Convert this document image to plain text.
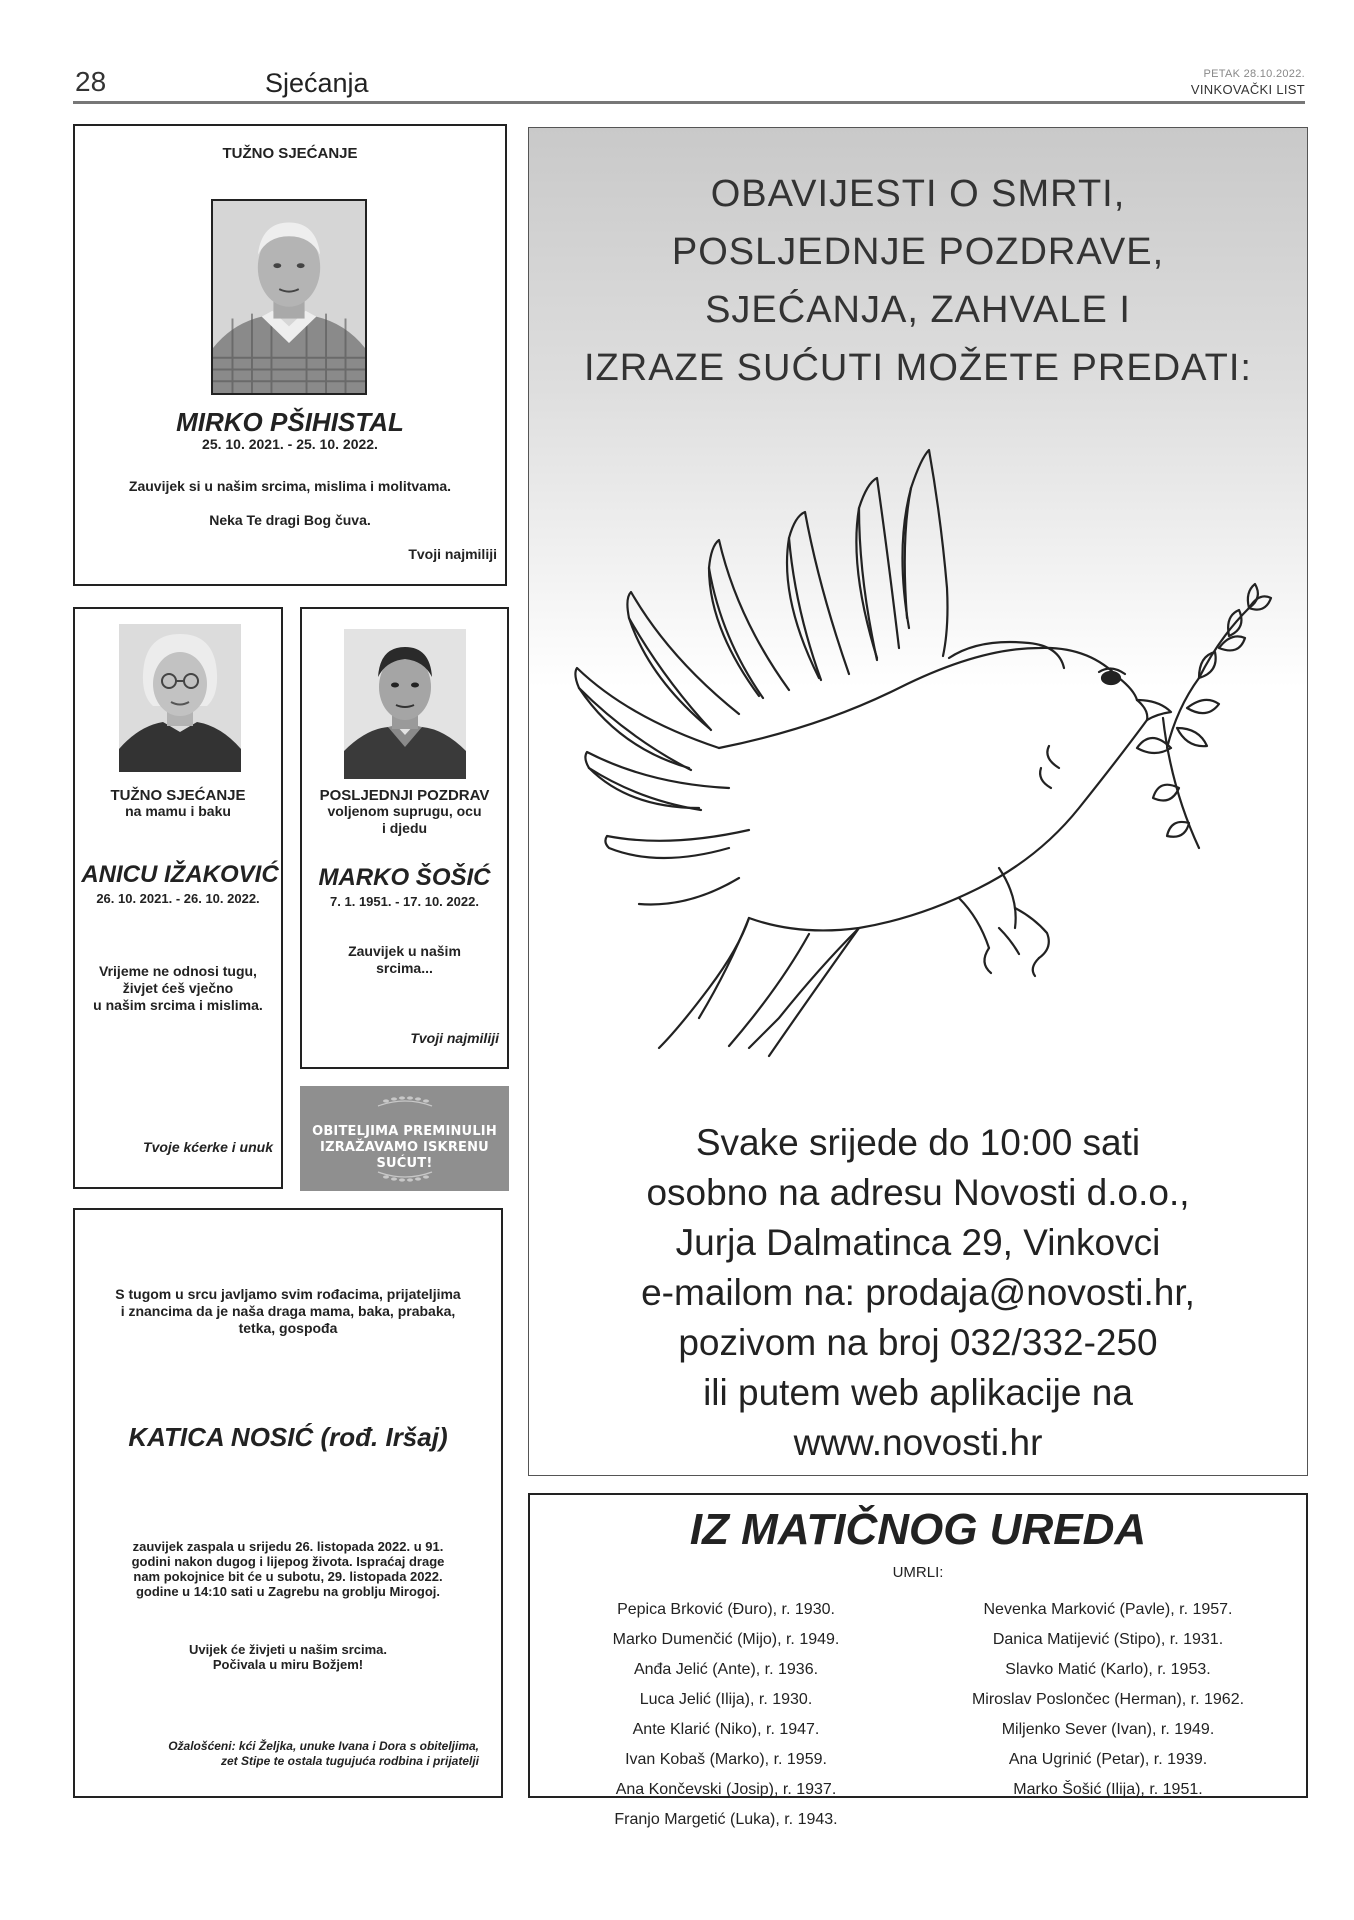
28	Sjećanja	PETAK 28.10.2022.
VINKOVAČKI LIST
TUŽNO SJEĆANJE
MIRKO PŠIHISTAL
25. 10. 2021. - 25. 10. 2022.
Zauvijek si u našim srcima, mislima i molitvama.
Neka Te dragi Bog čuva.
Tvoji najmiliji
TUŽNO SJEĆANJE
na mamu i baku
ANICU IŽAKOVIĆ
26. 10. 2021. - 26. 10. 2022.
Vrijeme ne odnosi tugu,
živjet ćeš vječno
u našim srcima i mislima.
Tvoje kćerke i unuk
POSLJEDNJI POZDRAV
voljenom suprugu, ocu
i djedu
MARKO ŠOŠIĆ
7. 1. 1951. - 17. 10. 2022.
Zauvijek u našim
srcima...
Tvoji najmiliji
OBITELJIMA PREMINULIH
IZRAŽAVAMO ISKRENU SUĆUT!
S tugom u srcu javljamo svim rođacima, prijateljima
i znancima da je naša draga mama, baka, prabaka,
tetka, gospođa
KATICA NOSIĆ (rođ. Iršaj)
zauvijek zaspala u srijedu 26. listopada 2022. u 91.
godini nakon dugog i lijepog života. Ispraćaj drage
nam pokojnice bit će u subotu, 29. listopada 2022.
godine u 14:10 sati u Zagrebu na groblju Mirogoj.
Uvijek će živjeti u našim srcima.
Počivala u miru Božjem!
Ožalošćeni: kći Željka, unuke Ivana i Dora s obiteljima,
zet Stipe te ostala tugujuća rodbina i prijatelji
OBAVIJESTI O SMRTI,
POSLJEDNJE POZDRAVE,
SJEĆANJA, ZAHVALE I
IZRAZE SUĆUTI MOŽETE PREDATI:
Svake srijede do 10:00 sati
osobno na adresu Novosti d.o.o.,
Jurja Dalmatinca 29, Vinkovci
e-mailom na: prodaja@novosti.hr,
pozivom na broj 032/332-250
ili putem web aplikacije na
www.novosti.hr
IZ MATIČNOG UREDA
UMRLI:
Pepica Brković (Đuro), r. 1930.
Marko Dumenčić (Mijo), r. 1949.
Anđa Jelić (Ante), r. 1936.
Luca Jelić (Ilija), r. 1930.
Ante Klarić (Niko), r. 1947.
Ivan Kobaš (Marko), r. 1959.
Ana Končevski (Josip), r. 1937.
Franjo Margetić (Luka), r. 1943.
Nevenka Marković (Pavle), r. 1957.
Danica Matijević (Stipo), r. 1931.
Slavko Matić (Karlo), r. 1953.
Miroslav Poslončec (Herman), r. 1962.
Miljenko Sever (Ivan), r. 1949.
Ana Ugrinić (Petar), r. 1939.
Marko Šošić (Ilija), r. 1951.
